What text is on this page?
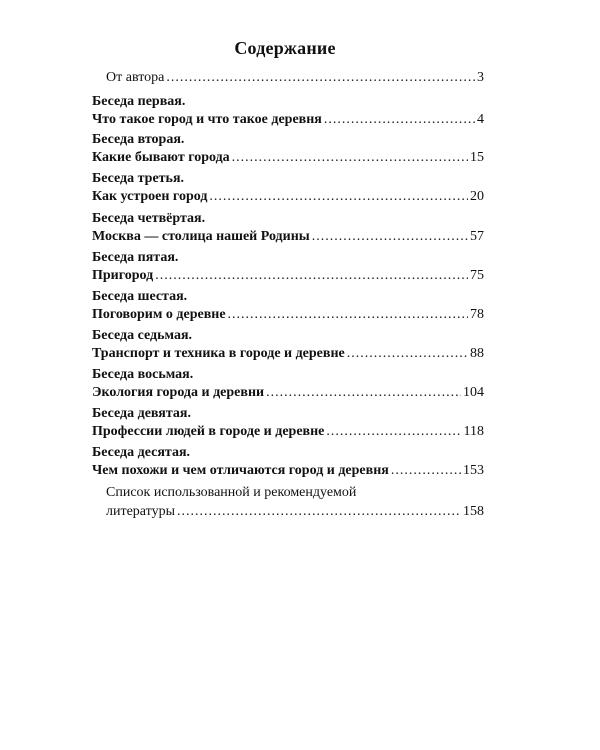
Содержание
От автора .....	3
Беседа первая.
Что такое город и что такое деревня .....	4
Беседа вторая.
Какие бывают города .....	15
Беседа третья.
Как устроен город .....	20
Беседа четвёртая.
Москва — столица нашей Родины .....	57
Беседа пятая.
Пригород .....	75
Беседа шестая.
Поговорим о деревне .....	78
Беседа седьмая.
Транспорт и техника в городе и деревне .....	88
Беседа восьмая.
Экология города и деревни .....	104
Беседа девятая.
Профессии людей в городе и деревне .....	118
Беседа десятая.
Чем похожи и чем отличаются город и деревня .....	153
Список использованной и рекомендуемой
литературы .....	158
